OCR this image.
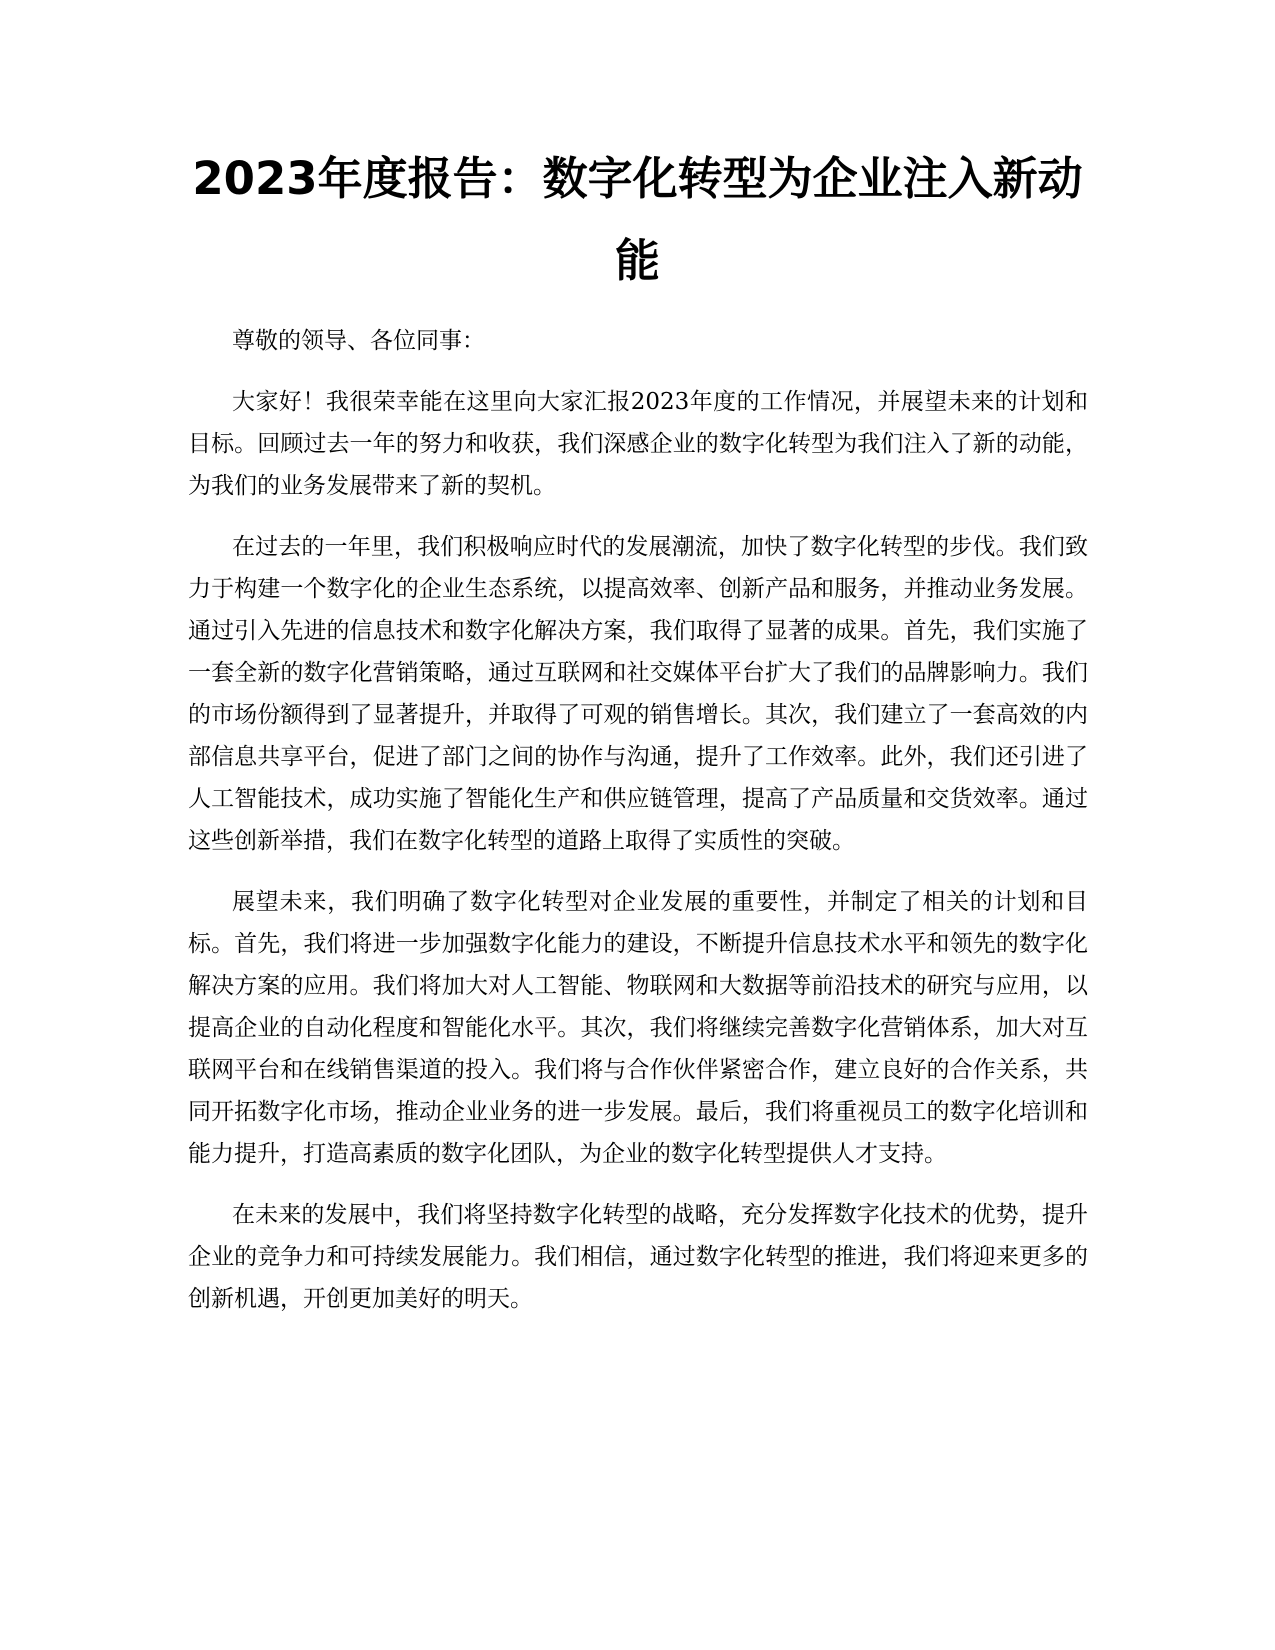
2023年度报告：数字化转型为企业注入新动能

尊敬的领导、各位同事：

大家好！我很荣幸能在这里向大家汇报2023年度的工作情况，并展望未来的计划和目标。回顾过去一年的努力和收获，我们深感企业的数字化转型为我们注入了新的动能，为我们的业务发展带来了新的契机。

在过去的一年里，我们积极响应时代的发展潮流，加快了数字化转型的步伐。我们致力于构建一个数字化的企业生态系统，以提高效率、创新产品和服务，并推动业务发展。通过引入先进的信息技术和数字化解决方案，我们取得了显著的成果。首先，我们实施了一套全新的数字化营销策略，通过互联网和社交媒体平台扩大了我们的品牌影响力。我们的市场份额得到了显著提升，并取得了可观的销售增长。其次，我们建立了一套高效的内部信息共享平台，促进了部门之间的协作与沟通，提升了工作效率。此外，我们还引进了人工智能技术，成功实施了智能化生产和供应链管理，提高了产品质量和交货效率。通过这些创新举措，我们在数字化转型的道路上取得了实质性的突破。

展望未来，我们明确了数字化转型对企业发展的重要性，并制定了相关的计划和目标。首先，我们将进一步加强数字化能力的建设，不断提升信息技术水平和领先的数字化解决方案的应用。我们将加大对人工智能、物联网和大数据等前沿技术的研究与应用，以提高企业的自动化程度和智能化水平。其次，我们将继续完善数字化营销体系，加大对互联网平台和在线销售渠道的投入。我们将与合作伙伴紧密合作，建立良好的合作关系，共同开拓数字化市场，推动企业业务的进一步发展。最后，我们将重视员工的数字化培训和能力提升，打造高素质的数字化团队，为企业的数字化转型提供人才支持。

在未来的发展中，我们将坚持数字化转型的战略，充分发挥数字化技术的优势，提升企业的竞争力和可持续发展能力。我们相信，通过数字化转型的推进，我们将迎来更多的创新机遇，开创更加美好的明天。
